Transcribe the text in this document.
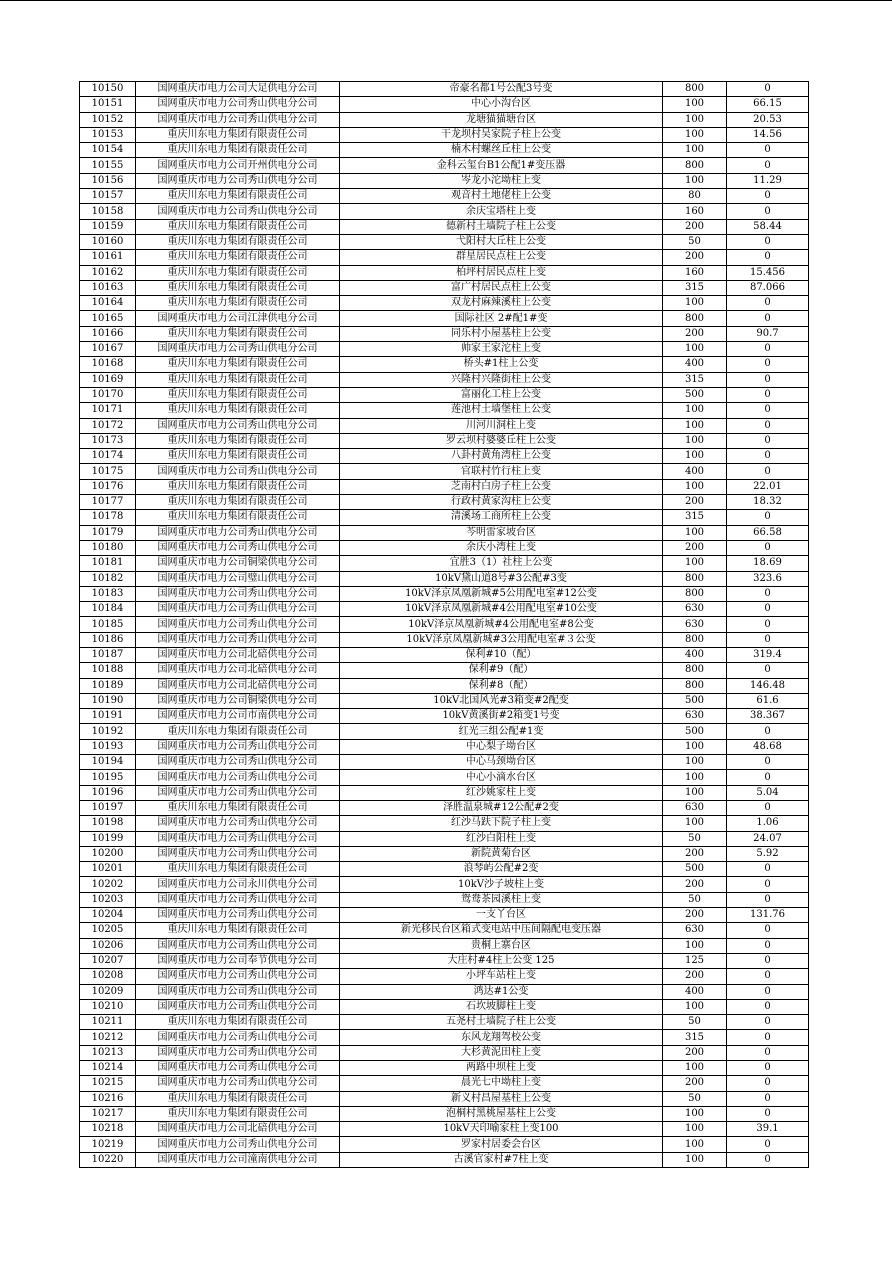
10150	国网重庆市电力公司大足供电分公司	帝豪名都1号公配3号变	800	0
10151	国网重庆市电力公司秀山供电分公司	中心小沟台区	100	66.15
10152	国网重庆市电力公司秀山供电分公司	龙塘猫猫塘台区	100	20.53
10153	重庆川东电力集团有限责任公司	干龙坝村吴家院子柱上公变	100	14.56
10154	重庆川东电力集团有限责任公司	楠木村螺丝丘柱上公变	100	0
10155	国网重庆市电力公司开州供电分公司	金科云玺台B1公配1#变压器	800	0
10156	国网重庆市电力公司秀山供电分公司	岑龙小沱坳柱上变	100	11.29
10157	重庆川东电力集团有限责任公司	观音村土地佬柱上公变	80	0
10158	国网重庆市电力公司秀山供电分公司	余庆宝塔柱上变	160	0
10159	重庆川东电力集团有限责任公司	德新村土墙院子柱上公变	200	58.44
10160	重庆川东电力集团有限责任公司	弋阳村大丘柱上公变	50	0
10161	重庆川东电力集团有限责任公司	群星居民点柱上公变	200	0
10162	重庆川东电力集团有限责任公司	柏坪村居民点柱上变	160	15.456
10163	重庆川东电力集团有限责任公司	富广村居民点柱上公变	315	87.066
10164	重庆川东电力集团有限责任公司	双龙村麻辣溪柱上公变	100	0
10165	国网重庆市电力公司江津供电分公司	国际社区 2#配1#变	800	0
10166	重庆川东电力集团有限责任公司	同乐村小屋基柱上公变	200	90.7
10167	国网重庆市电力公司秀山供电分公司	帅家王家沱柱上变	100	0
10168	重庆川东电力集团有限责任公司	桥头#1柱上公变	400	0
10169	重庆川东电力集团有限责任公司	兴隆村兴隆街柱上公变	315	0
10170	重庆川东电力集团有限责任公司	富丽化工柱上公变	500	0
10171	重庆川东电力集团有限责任公司	莲池村土墙堡柱上公变	100	0
10172	国网重庆市电力公司秀山供电分公司	川河川洞柱上变	100	0
10173	重庆川东电力集团有限责任公司	罗云坝村婆婆丘柱上公变	100	0
10174	重庆川东电力集团有限责任公司	八卦村黄角湾柱上公变	100	0
10175	国网重庆市电力公司秀山供电分公司	官联村竹行柱上变	400	0
10176	重庆川东电力集团有限责任公司	芝南村白房子柱上公变	100	22.01
10177	重庆川东电力集团有限责任公司	行政村黄家沟柱上公变	200	18.32
10178	重庆川东电力集团有限责任公司	清溪场工商所柱上公变	315	0
10179	国网重庆市电力公司秀山供电分公司	芩明雷家坡台区	100	66.58
10180	国网重庆市电力公司秀山供电分公司	余庆小湾柱上变	200	0
10181	国网重庆市电力公司铜梁供电分公司	宜胜3（1）社柱上公变	100	18.69
10182	国网重庆市电力公司璧山供电分公司	10kV黛山道8号#3公配#3变	800	323.6
10183	国网重庆市电力公司秀山供电分公司	10kV泽京凤凰新城#5公用配电室#12公变	800	0
10184	国网重庆市电力公司秀山供电分公司	10kV泽京凤凰新城#4公用配电室#10公变	630	0
10185	国网重庆市电力公司秀山供电分公司	10kV泽京凤凰新城#4公用配电室#8公变	630	0
10186	国网重庆市电力公司秀山供电分公司	10kV泽京凤凰新城#3公用配电室#３公变	800	0
10187	国网重庆市电力公司北碚供电分公司	保利#10（配）	400	319.4
10188	国网重庆市电力公司北碚供电分公司	保利#9（配）	800	0
10189	国网重庆市电力公司北碚供电分公司	保利#8（配）	800	146.48
10190	国网重庆市电力公司铜梁供电分公司	10kV北国风光#3箱变#2配变	500	61.6
10191	国网重庆市电力公司市南供电分公司	10kV黄溪街#2箱变1号变	630	38.367
10192	重庆川东电力集团有限责任公司	红光三组公配#1变	500	0
10193	国网重庆市电力公司秀山供电分公司	中心梨子坳台区	100	48.68
10194	国网重庆市电力公司秀山供电分公司	中心马颈坳台区	100	0
10195	国网重庆市电力公司秀山供电分公司	中心小滴水台区	100	0
10196	国网重庆市电力公司秀山供电分公司	红沙姚家柱上变	100	5.04
10197	重庆川东电力集团有限责任公司	泽胜温泉城#12公配#2变	630	0
10198	国网重庆市电力公司秀山供电分公司	红沙马趺下院子柱上变	100	1.06
10199	国网重庆市电力公司秀山供电分公司	红沙白阳柱上变	50	24.07
10200	国网重庆市电力公司秀山供电分公司	新院黄菊台区	200	5.92
10201	重庆川东电力集团有限责任公司	浪琴屿公配#2变	500	0
10202	国网重庆市电力公司永川供电分公司	10kV沙子坡柱上变	200	0
10203	国网重庆市电力公司秀山供电分公司	鸳鸯茶园溪柱上变	50	0
10204	国网重庆市电力公司秀山供电分公司	一支丫台区	200	131.76
10205	重庆川东电力集团有限责任公司	新光移民台区箱式变电站中压间隔配电变压器	630	0
10206	国网重庆市电力公司秀山供电分公司	贵桐上寨台区	100	0
10207	国网重庆市电力公司奉节供电分公司	大庄村#4柱上公变 125	125	0
10208	国网重庆市电力公司秀山供电分公司	小坪车站柱上变	200	0
10209	国网重庆市电力公司秀山供电分公司	鸿达#1公变	400	0
10210	国网重庆市电力公司秀山供电分公司	石坎坡脚柱上变	100	0
10211	重庆川东电力集团有限责任公司	五尧村土墙院子柱上公变	50	0
10212	国网重庆市电力公司秀山供电分公司	东风龙翔驾校公变	315	0
10213	国网重庆市电力公司秀山供电分公司	大杉黄泥田柱上变	200	0
10214	国网重庆市电力公司秀山供电分公司	两路中坝柱上变	100	0
10215	国网重庆市电力公司秀山供电分公司	晨光七中坳柱上变	200	0
10216	重庆川东电力集团有限责任公司	新义村昌屋基柱上公变	50	0
10217	重庆川东电力集团有限责任公司	泡桐村黑桃屋基柱上公变	100	0
10218	国网重庆市电力公司北碚供电分公司	10kV天印喻家柱上变100	100	39.1
10219	国网重庆市电力公司秀山供电分公司	罗家村居委会台区	100	0
10220	国网重庆市电力公司潼南供电分公司	古溪官家村#7柱上变	100	0
